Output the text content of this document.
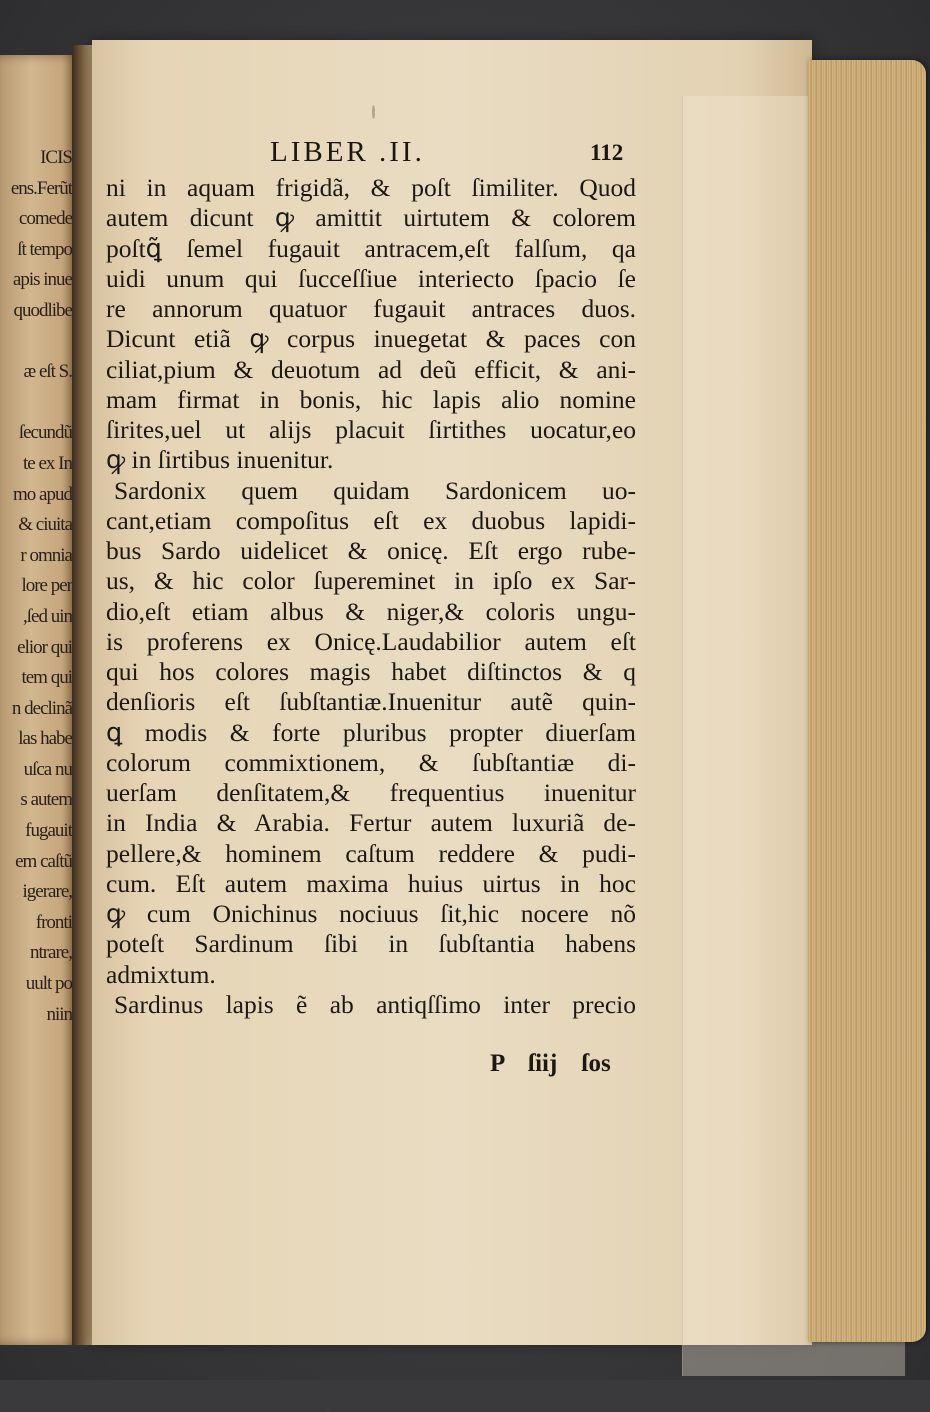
ICIS
ens.Ferũt
comede
ſt tempo
apis inue
quodlibe
æ eſt S.
ſecundũ
te ex In
mo apud
& ciuita
r omnia
lore per
,ſed uin
elior qui
tem qui
n declinã
las habe
uſca nu
s autem
fugauit
em caſtũ
igerare,
fronti
ntrare,
uult po
niin
LIBER .II.	112
ni in aquam frigidã, & poſt ſimiliter. Quod
autem dicunt ꝙ amittit uirtutem & colorem
poſtꝗ̃ ſemel fugauit antracem,eſt falſum, qa
uidi unum qui ſucceſſiue interiecto ſpacio ſe
re annorum quatuor fugauit antraces duos.
Dicunt etiã ꝙ corpus inuegetat & paces con
ciliat,pium & deuotum ad deũ efficit, & ani-
mam firmat in bonis, hic lapis alio nomine
ſirites,uel ut alijs placuit ſirtithes uocatur,eo
ꝙ in ſirtibus inuenitur.
Sardonix quem quidam Sardonicem uo-
cant,etiam compoſitus eſt ex duobus lapidi-
bus Sardo uidelicet & onicę. Eſt ergo rube-
us, & hic color ſupereminet in ipſo ex Sar-
dio,eſt etiam albus & niger,& coloris ungu-
is proferens ex Onicę.Laudabilior autem eſt
qui hos colores magis habet diſtinctos & q
denſioris eſt ſubſtantiæ.Inuenitur autẽ quin-
ꝗ modis & forte pluribus propter diuerſam
colorum commixtionem, & ſubſtantiæ di-
uerſam denſitatem,& frequentius inuenitur
in India & Arabia. Fertur autem luxuriã de-
pellere,& hominem caſtum reddere & pudi-
cum. Eſt autem maxima huius uirtus in hoc
ꝙ cum Onichinus nociuus ſit,hic nocere nõ
poteſt Sardinum ſibi in ſubſtantia habens
admixtum.
Sardinus lapis ẽ ab antiqſſimo inter precio
P ſiij ſos
